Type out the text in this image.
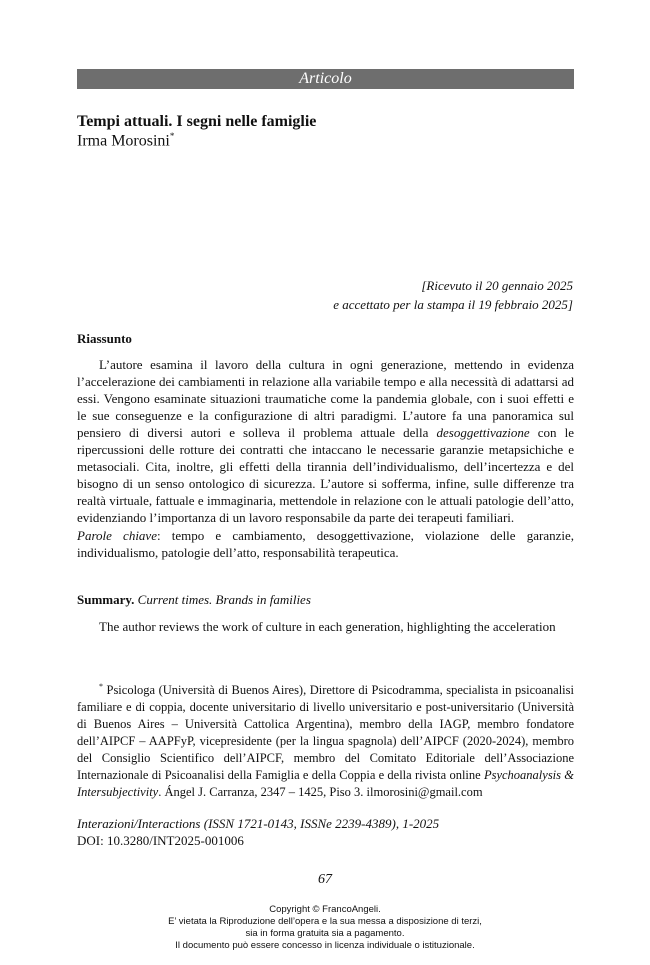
Articolo
Tempi attuali. I segni nelle famiglie
Irma Morosini*
[Ricevuto il 20 gennaio 2025
e accettato per la stampa il 19 febbraio 2025]
Riassunto
L’autore esamina il lavoro della cultura in ogni generazione, mettendo in evidenza l’accelerazione dei cambiamenti in relazione alla variabile tempo e alla necessità di adattarsi ad essi. Vengono esaminate situazioni traumatiche come la pandemia globale, con i suoi effetti e le sue conseguenze e la configurazione di altri paradigmi. L’autore fa una panoramica sul pensiero di diversi autori e solleva il problema attuale della desoggettivazione con le ripercussioni delle rotture dei contratti che intaccano le necessarie garanzie metapsichiche e metasociali. Cita, inoltre, gli effetti della tirannia dell’individualismo, dell’incertezza e del bisogno di un senso ontologico di sicurezza. L’autore si sofferma, infine, sulle differenze tra realtà virtuale, fattuale e immaginaria, mettendole in relazione con le attuali patologie dell’atto, evidenziando l’importanza di un lavoro responsabile da parte dei terapeuti familiari.
Parole chiave: tempo e cambiamento, desoggettivazione, violazione delle garanzie, individualismo, patologie dell’atto, responsabilità terapeutica.
Summary. Current times. Brands in families
The author reviews the work of culture in each generation, highlighting the acceleration
* Psicologa (Università di Buenos Aires), Direttore di Psicodramma, specialista in psicoanalisi familiare e di coppia, docente universitario di livello universitario e post-universitario (Università di Buenos Aires – Università Cattolica Argentina), membro della IAGP, membro fondatore dell’AIPCF – AAPFyP, vicepresidente (per la lingua spagnola) dell’AIPCF (2020-2024), membro del Consiglio Scientifico dell’AIPCF, membro del Comitato Editoriale dell’Associazione Internazionale di Psicoanalisi della Famiglia e della Coppia e della rivista online Psychoanalysis & Intersubjectivity. Ángel J. Carranza, 2347 – 1425, Piso 3. ilmorosini@gmail.com
Interazioni/Interactions (ISSN 1721-0143, ISSNe 2239-4389), 1-2025
DOI: 10.3280/INT2025-001006
67
Copyright © FrancoAngeli.
E’ vietata la Riproduzione dell’opera e la sua messa a disposizione di terzi,
sia in forma gratuita sia a pagamento.
Il documento può essere concesso in licenza individuale o istituzionale.
